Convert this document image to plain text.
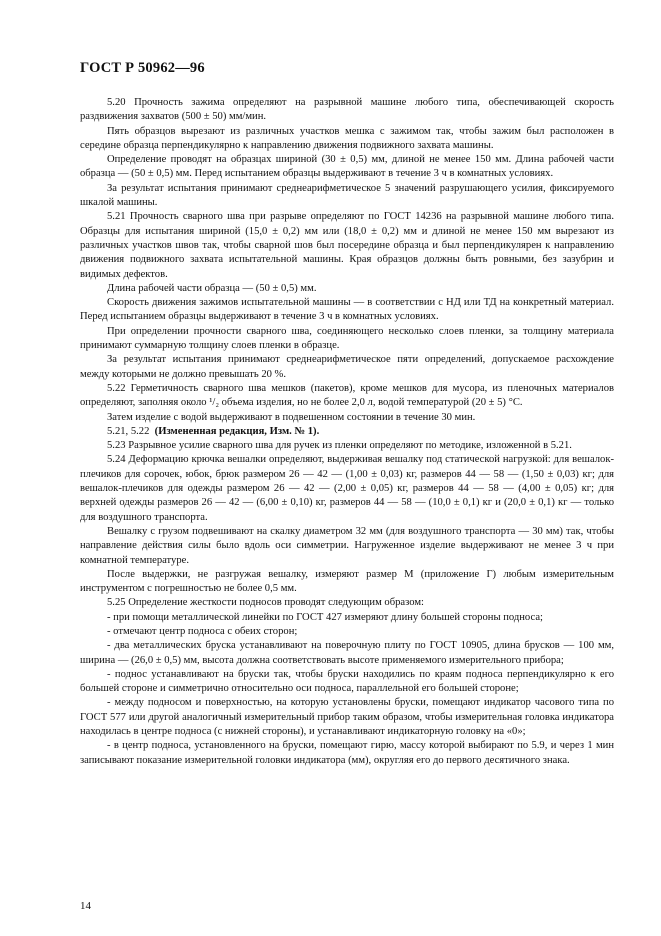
ГОСТ Р 50962—96

5.20 Прочность зажима определяют на разрывной машине любого типа, обеспечивающей скорость раздвижения захватов (500 ± 50) мм/мин.

Пять образцов вырезают из различных участков мешка с зажимом так, чтобы зажим был расположен в середине образца перпендикулярно к направлению движения подвижного захвата машины.

Определение проводят на образцах шириной (30 ± 0,5) мм, длиной не менее 150 мм. Длина рабочей части образца — (50 ± 0,5) мм. Перед испытанием образцы выдерживают в течение 3 ч в комнатных условиях.

За результат испытания принимают среднеарифметическое 5 значений разрушающего усилия, фиксируемого шкалой машины.

5.21 Прочность сварного шва при разрыве определяют по ГОСТ 14236 на разрывной машине любого типа. Образцы для испытания шириной (15,0 ± 0,2) мм или (18,0 ± 0,2) мм и длиной не менее 150 мм вырезают из различных участков швов так, чтобы сварной шов был посередине образца и был перпендикулярен к направлению движения подвижного захвата испытательной машины. Края образцов должны быть ровными, без зазубрин и видимых дефектов.

Длина рабочей части образца — (50 ± 0,5) мм.

Скорость движения зажимов испытательной машины — в соответствии с НД или ТД на конкретный материал. Перед испытанием образцы выдерживают в течение 3 ч в комнатных условиях.

При определении прочности сварного шва, соединяющего несколько слоев пленки, за толщину материала принимают суммарную толщину слоев пленки в образце.

За результат испытания принимают среднеарифметическое пяти определений, допускаемое расхождение между которыми не должно превышать 20 %.

5.22 Герметичность сварного шва мешков (пакетов), кроме мешков для мусора, из пленочных материалов определяют, заполняя около ¹/₂ объема изделия, но не более 2,0 л, водой температурой (20 ± 5) °С.

Затем изделие с водой выдерживают в подвешенном состоянии в течение 30 мин.

5.21, 5.22 (Измененная редакция, Изм. № 1).

5.23 Разрывное усилие сварного шва для ручек из пленки определяют по методике, изложенной в 5.21.

5.24 Деформацию крючка вешалки определяют, выдерживая вешалку под статической нагрузкой: для вешалок-плечиков для сорочек, юбок, брюк размером 26 — 42 — (1,00 ± 0,03) кг, размеров 44 — 58 — (1,50 ± 0,03) кг; для вешалок-плечиков для одежды размером 26 — 42 — (2,00 ± 0,05) кг, размеров 44 — 58 — (4,00 ± 0,05) кг; для верхней одежды размеров 26 — 42 — (6,00 ± 0,10) кг, размеров 44 — 58 — (10,0 ± 0,1) кг и (20,0 ± 0,1) кг — только для воздушного транспорта.

Вешалку с грузом подвешивают на скалку диаметром 32 мм (для воздушного транспорта — 30 мм) так, чтобы направление действия силы было вдоль оси симметрии. Нагруженное изделие выдерживают не менее 3 ч при комнатной температуре.

После выдержки, не разгружая вешалку, измеряют размер М (приложение Г) любым измерительным инструментом с погрешностью не более 0,5 мм.

5.25 Определение жесткости подносов проводят следующим образом:

- при помощи металлической линейки по ГОСТ 427 измеряют длину большей стороны подноса;

- отмечают центр подноса с обеих сторон;

- два металлических бруска устанавливают на поверочную плиту по ГОСТ 10905, длина брусков — 100 мм, ширина — (26,0 ± 0,5) мм, высота должна соответствовать высоте применяемого измерительного прибора;

- поднос устанавливают на бруски так, чтобы бруски находились по краям подноса перпендикулярно к его большей стороне и симметрично относительно оси подноса, параллельной его большей стороне;

- между подносом и поверхностью, на которую установлены бруски, помещают индикатор часового типа по ГОСТ 577 или другой аналогичный измерительный прибор таким образом, чтобы измерительная головка индикатора находилась в центре подноса (с нижней стороны), и устанавливают индикаторную головку на «0»;

- в центр подноса, установленного на бруски, помещают гирю, массу которой выбирают по 5.9, и через 1 мин записывают показание измерительной головки индикатора (мм), округляя его до первого десятичного знака.

14
